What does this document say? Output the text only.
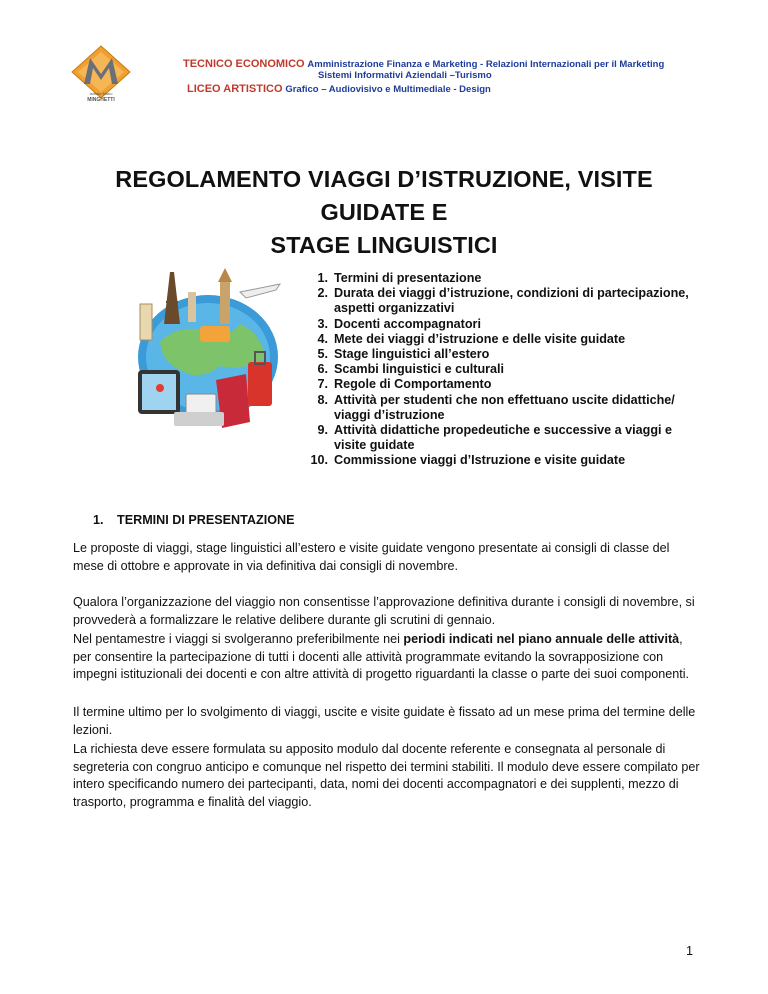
Istituto Mario
MINGHETTI
TECNICO ECONOMICO Amministrazione Finanza e Marketing - Relazioni Internazionali per il Marketing
Sistemi Informativi Aziendali –Turismo
LICEO ARTISTICO Grafico – Audiovisivo e Multimediale - Design
REGOLAMENTO VIAGGI D’ISTRUZIONE, VISITE GUIDATE E
STAGE LINGUISTICI
1. Termini di presentazione
2. Durata dei viaggi d’istruzione, condizioni di partecipazione, aspetti organizzativi
3. Docenti accompagnatori
4. Mete dei viaggi d’istruzione e delle visite guidate
5. Stage linguistici all’estero
6. Scambi linguistici e culturali
7. Regole di Comportamento
8. Attività per studenti che non effettuano uscite didattiche/ viaggi d’istruzione
9. Attività didattiche propedeutiche e successive a viaggi e visite guidate
10. Commissione viaggi d’Istruzione e visite guidate
1. TERMINI DI PRESENTAZIONE
Le proposte di viaggi, stage linguistici all’estero e visite guidate vengono presentate ai consigli di classe del mese di ottobre e approvate in via definitiva dai consigli di novembre.
Qualora l’organizzazione del viaggio non consentisse l’approvazione definitiva durante i consigli di novembre, si provvederà a formalizzare le relative delibere durante gli scrutini di gennaio.
Nel pentamestre i viaggi si svolgeranno preferibilmente nei periodi indicati nel piano annuale delle attività, per consentire la partecipazione di tutti i docenti alle attività programmate evitando la sovrapposizione con impegni istituzionali dei docenti e con altre attività di progetto riguardanti la classe o parte dei suoi componenti.
Il termine ultimo per lo svolgimento di viaggi, uscite e visite guidate è fissato ad un mese prima del termine delle lezioni.
La richiesta deve essere formulata su apposito modulo dal docente referente e consegnata al personale di segreteria con congruo anticipo e comunque nel rispetto dei termini stabiliti. Il modulo deve essere compilato per intero specificando numero dei partecipanti, data, nomi dei docenti accompagnatori e dei supplenti, mezzo di trasporto, programma e finalità del viaggio.
1
